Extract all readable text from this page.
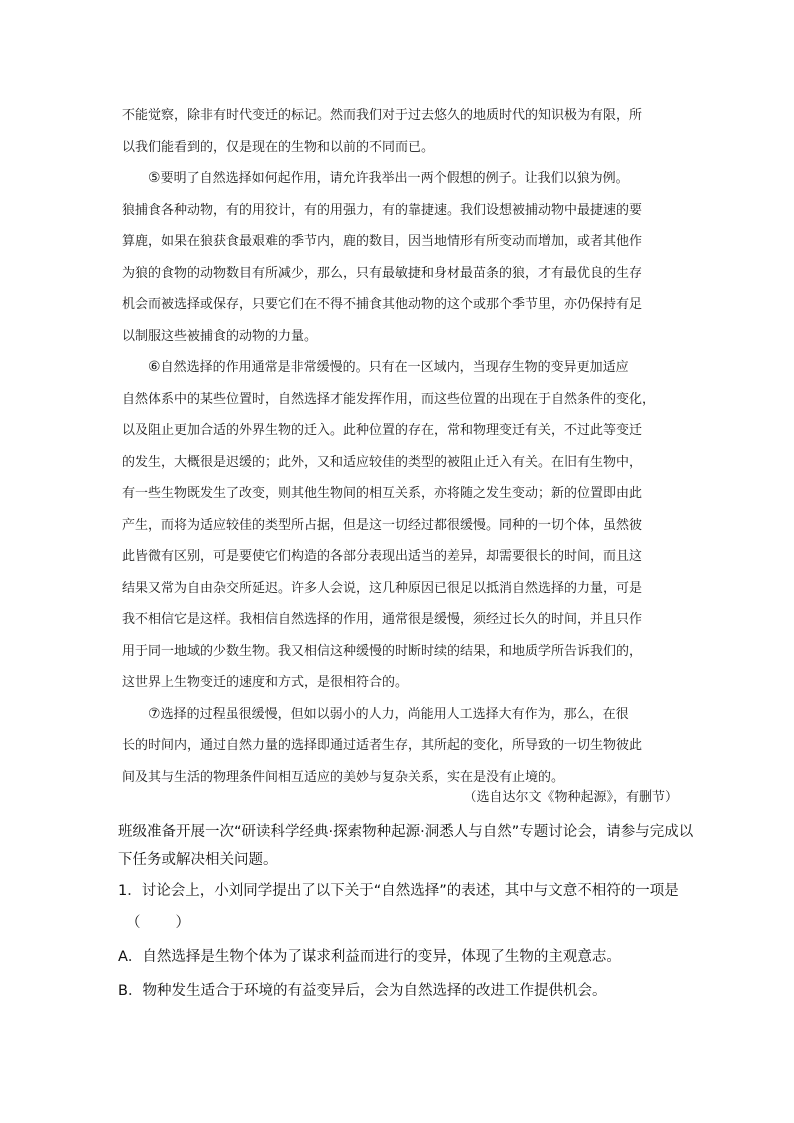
不能觉察，除非有时代变迁的标记。然而我们对于过去悠久的地质时代的知识极为有限，所
以我们能看到的，仅是现在的生物和以前的不同而已。
⑤要明了自然选择如何起作用，请允许我举出一两个假想的例子。让我们以狼为例。
狼捕食各种动物，有的用狡计，有的用强力，有的靠捷速。我们设想被捕动物中最捷速的要
算鹿，如果在狼获食最艰难的季节内，鹿的数目，因当地情形有所变动而增加，或者其他作
为狼的食物的动物数目有所减少，那么，只有最敏捷和身材最苗条的狼，才有最优良的生存
机会而被选择或保存，只要它们在不得不捕食其他动物的这个或那个季节里，亦仍保持有足
以制服这些被捕食的动物的力量。
⑥自然选择的作用通常是非常缓慢的。只有在一区域内，当现存生物的变异更加适应
自然体系中的某些位置时，自然选择才能发挥作用，而这些位置的出现在于自然条件的变化，
以及阻止更加合适的外界生物的迁入。此种位置的存在，常和物理变迁有关，不过此等变迁
的发生，大概很是迟缓的；此外，又和适应较佳的类型的被阻止迁入有关。在旧有生物中，
有一些生物既发生了改变，则其他生物间的相互关系，亦将随之发生变动；新的位置即由此
产生，而将为适应较佳的类型所占据，但是这一切经过都很缓慢。同种的一切个体，虽然彼
此皆微有区别，可是要使它们构造的各部分表现出适当的差异，却需要很长的时间，而且这
结果又常为自由杂交所延迟。许多人会说，这几种原因已很足以抵消自然选择的力量，可是
我不相信它是这样。我相信自然选择的作用，通常很是缓慢，须经过长久的时间，并且只作
用于同一地域的少数生物。我又相信这种缓慢的时断时续的结果，和地质学所告诉我们的，
这世界上生物变迁的速度和方式，是很相符合的。
⑦选择的过程虽很缓慢，但如以弱小的人力，尚能用人工选择大有作为，那么，在很
长的时间内，通过自然力量的选择即通过适者生存，其所起的变化，所导致的一切生物彼此
间及其与生活的物理条件间相互适应的美妙与复杂关系，实在是没有止境的。
（选自达尔文《物种起源》，有删节）
班级准备开展一次“研读科学经典·探索物种起源·洞悉人与自然”专题讨论会，请参与完成以
下任务或解决相关问题。
1．讨论会上，小刘同学提出了以下关于“自然选择”的表述，其中与文意不相符的一项是
（　　）
A．自然选择是生物个体为了谋求利益而进行的变异，体现了生物的主观意志。
B．物种发生适合于环境的有益变异后，会为自然选择的改进工作提供机会。
